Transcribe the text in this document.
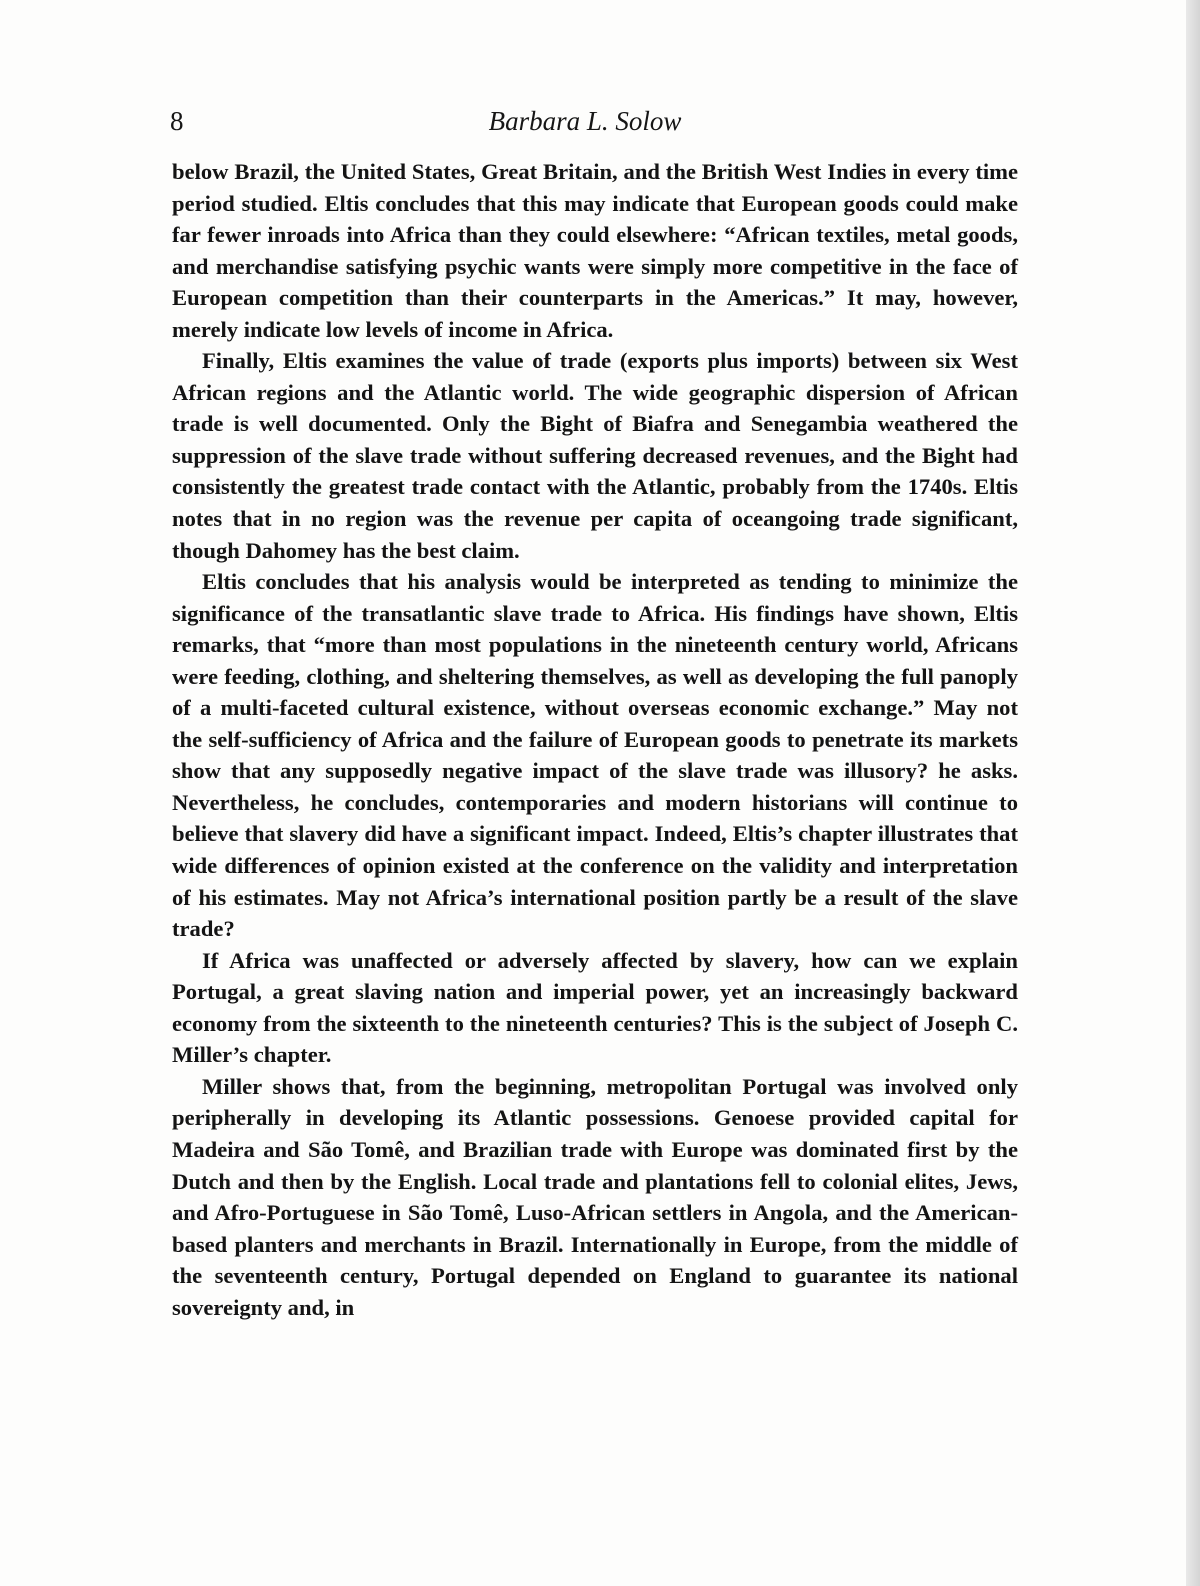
8	Barbara L. Solow

below Brazil, the United States, Great Britain, and the British West Indies in every time period studied. Eltis concludes that this may indicate that European goods could make far fewer inroads into Africa than they could elsewhere: “African textiles, metal goods, and merchandise satisfying psychic wants were simply more competitive in the face of European competition than their counterparts in the Americas.” It may, however, merely indicate low levels of income in Africa.

Finally, Eltis examines the value of trade (exports plus imports) between six West African regions and the Atlantic world. The wide geographic dispersion of African trade is well documented. Only the Bight of Biafra and Senegambia weathered the suppression of the slave trade without suffering decreased revenues, and the Bight had consistently the greatest trade contact with the Atlantic, probably from the 1740s. Eltis notes that in no region was the revenue per capita of oceangoing trade significant, though Dahomey has the best claim.

Eltis concludes that his analysis would be interpreted as tending to minimize the significance of the transatlantic slave trade to Africa. His findings have shown, Eltis remarks, that “more than most populations in the nineteenth century world, Africans were feeding, clothing, and sheltering themselves, as well as developing the full panoply of a multi-faceted cultural existence, without overseas economic exchange.” May not the self-sufficiency of Africa and the failure of European goods to penetrate its markets show that any supposedly negative impact of the slave trade was illusory? he asks. Nevertheless, he concludes, contemporaries and modern historians will continue to believe that slavery did have a significant impact. Indeed, Eltis’s chapter illustrates that wide differences of opinion existed at the conference on the validity and interpretation of his estimates. May not Africa’s international position partly be a result of the slave trade?

If Africa was unaffected or adversely affected by slavery, how can we explain Portugal, a great slaving nation and imperial power, yet an increasingly backward economy from the sixteenth to the nineteenth centuries? This is the subject of Joseph C. Miller’s chapter.

Miller shows that, from the beginning, metropolitan Portugal was involved only peripherally in developing its Atlantic possessions. Genoese provided capital for Madeira and São Tomê, and Brazilian trade with Europe was dominated first by the Dutch and then by the English. Local trade and plantations fell to colonial elites, Jews, and Afro-Portuguese in São Tomê, Luso-African settlers in Angola, and the American-based planters and merchants in Brazil. Internationally in Europe, from the middle of the seventeenth century, Portugal depended on England to guarantee its national sovereignty and, in
